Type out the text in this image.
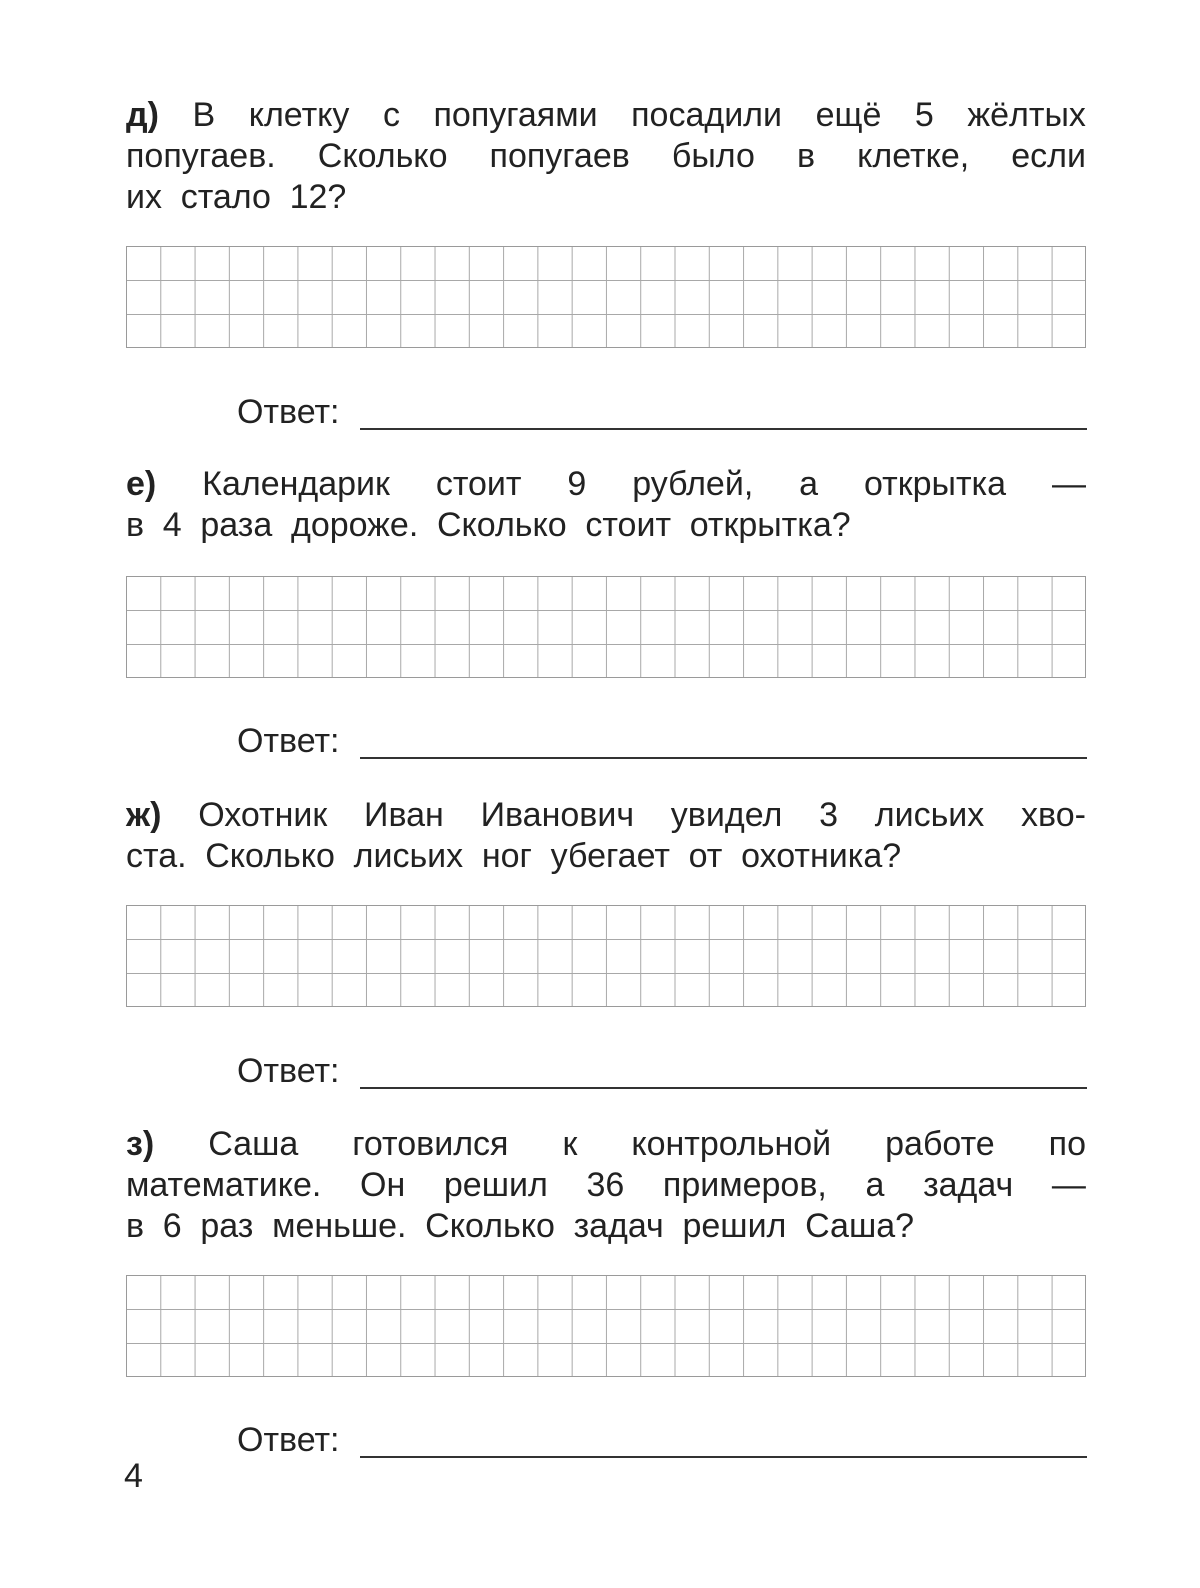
д) В клетку с попугаями посадили ещё 5 жёлтых
попугаев. Сколько попугаев было в клетке, если
их стало 12?
Ответ:
е) Календарик стоит 9 рублей, а открытка —
в 4 раза дороже. Сколько стоит открытка?
Ответ:
ж) Охотник Иван Иванович увидел 3 лисьих хво-
ста. Сколько лисьих ног убегает от охотника?
Ответ:
з) Саша готовился к контрольной работе по
математике. Он решил 36 примеров, а задач —
в 6 раз меньше. Сколько задач решил Саша?
Ответ:
4
